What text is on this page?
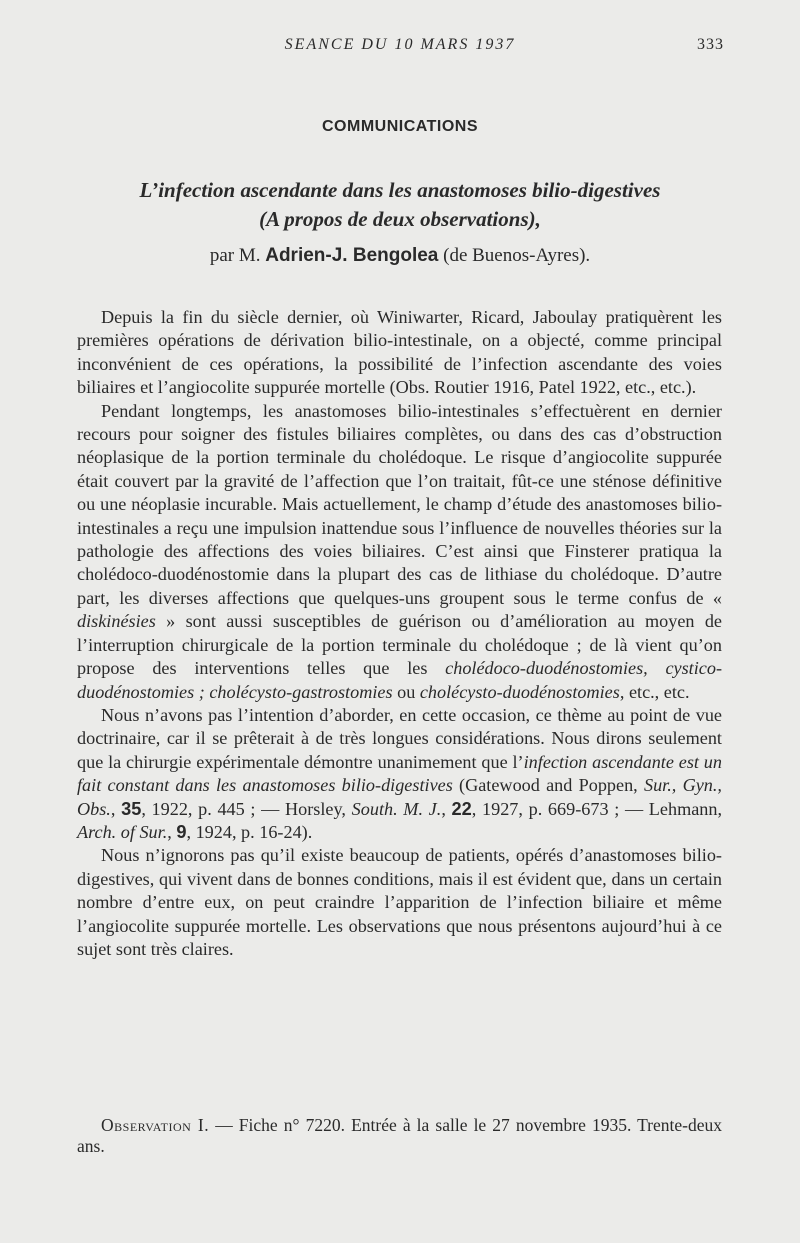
SEANCE DU 10 MARS 1937	333
COMMUNICATIONS
L’infection ascendante dans les anastomoses bilio-digestives
(A propos de deux observations),
par M. Adrien-J. Bengolea (de Buenos-Ayres).

Depuis la fin du siècle dernier, où Winiwarter, Ricard, Jaboulay pratiquèrent les premières opérations de dérivation bilio-intestinale, on a objecté, comme principal inconvénient de ces opérations, la possibilité de l’infection ascendante des voies biliaires et l’angiocolite suppurée mortelle (Obs. Routier 1916, Patel 1922, etc., etc.).

Pendant longtemps, les anastomoses bilio-intestinales s’effectuèrent en dernier recours pour soigner des fistules biliaires complètes, ou dans des cas d’obstruction néoplasique de la portion terminale du cholédoque. Le risque d’angiocolite suppurée était couvert par la gravité de l’affection que l’on traitait, fût-ce une sténose définitive ou une néoplasie incurable. Mais actuellement, le champ d’étude des anastomoses bilio-intestinales a reçu une impulsion inattendue sous l’influence de nouvelles théories sur la pathologie des affections des voies biliaires. C’est ainsi que Finsterer pratiqua la cholédoco-duodénostomie dans la plupart des cas de lithiase du cholédoque. D’autre part, les diverses affections que quelques-uns groupent sous le terme confus de « diskinésies » sont aussi susceptibles de guérison ou d’amélioration au moyen de l’interruption chirurgicale de la portion terminale du cholédoque ; de là vient qu’on propose des interventions telles que les cholédoco-duodénostomies, cystico-duodénostomies ; cholécysto-gastrostomies ou cholécysto-duodénostomies, etc., etc.

Nous n’avons pas l’intention d’aborder, en cette occasion, ce thème au point de vue doctrinaire, car il se prêterait à de très longues considérations. Nous dirons seulement que la chirurgie expérimentale démontre unanimement que l’infection ascendante est un fait constant dans les anastomoses bilio-digestives (Gatewood and Poppen, Sur., Gyn., Obs., 35, 1922, p. 445 ; — Horsley, South. M. J., 22, 1927, p. 669-673 ; — Lehmann, Arch. of Sur., 9, 1924, p. 16-24).

Nous n’ignorons pas qu’il existe beaucoup de patients, opérés d’anastomoses bilio-digestives, qui vivent dans de bonnes conditions, mais il est évident que, dans un certain nombre d’entre eux, on peut craindre l’apparition de l’infection biliaire et même l’angiocolite suppurée mortelle. Les observations que nous présentons aujourd’hui à ce sujet sont très claires.

Observation I. — Fiche n° 7220. Entrée à la salle le 27 novembre 1935. Trente-deux ans.
